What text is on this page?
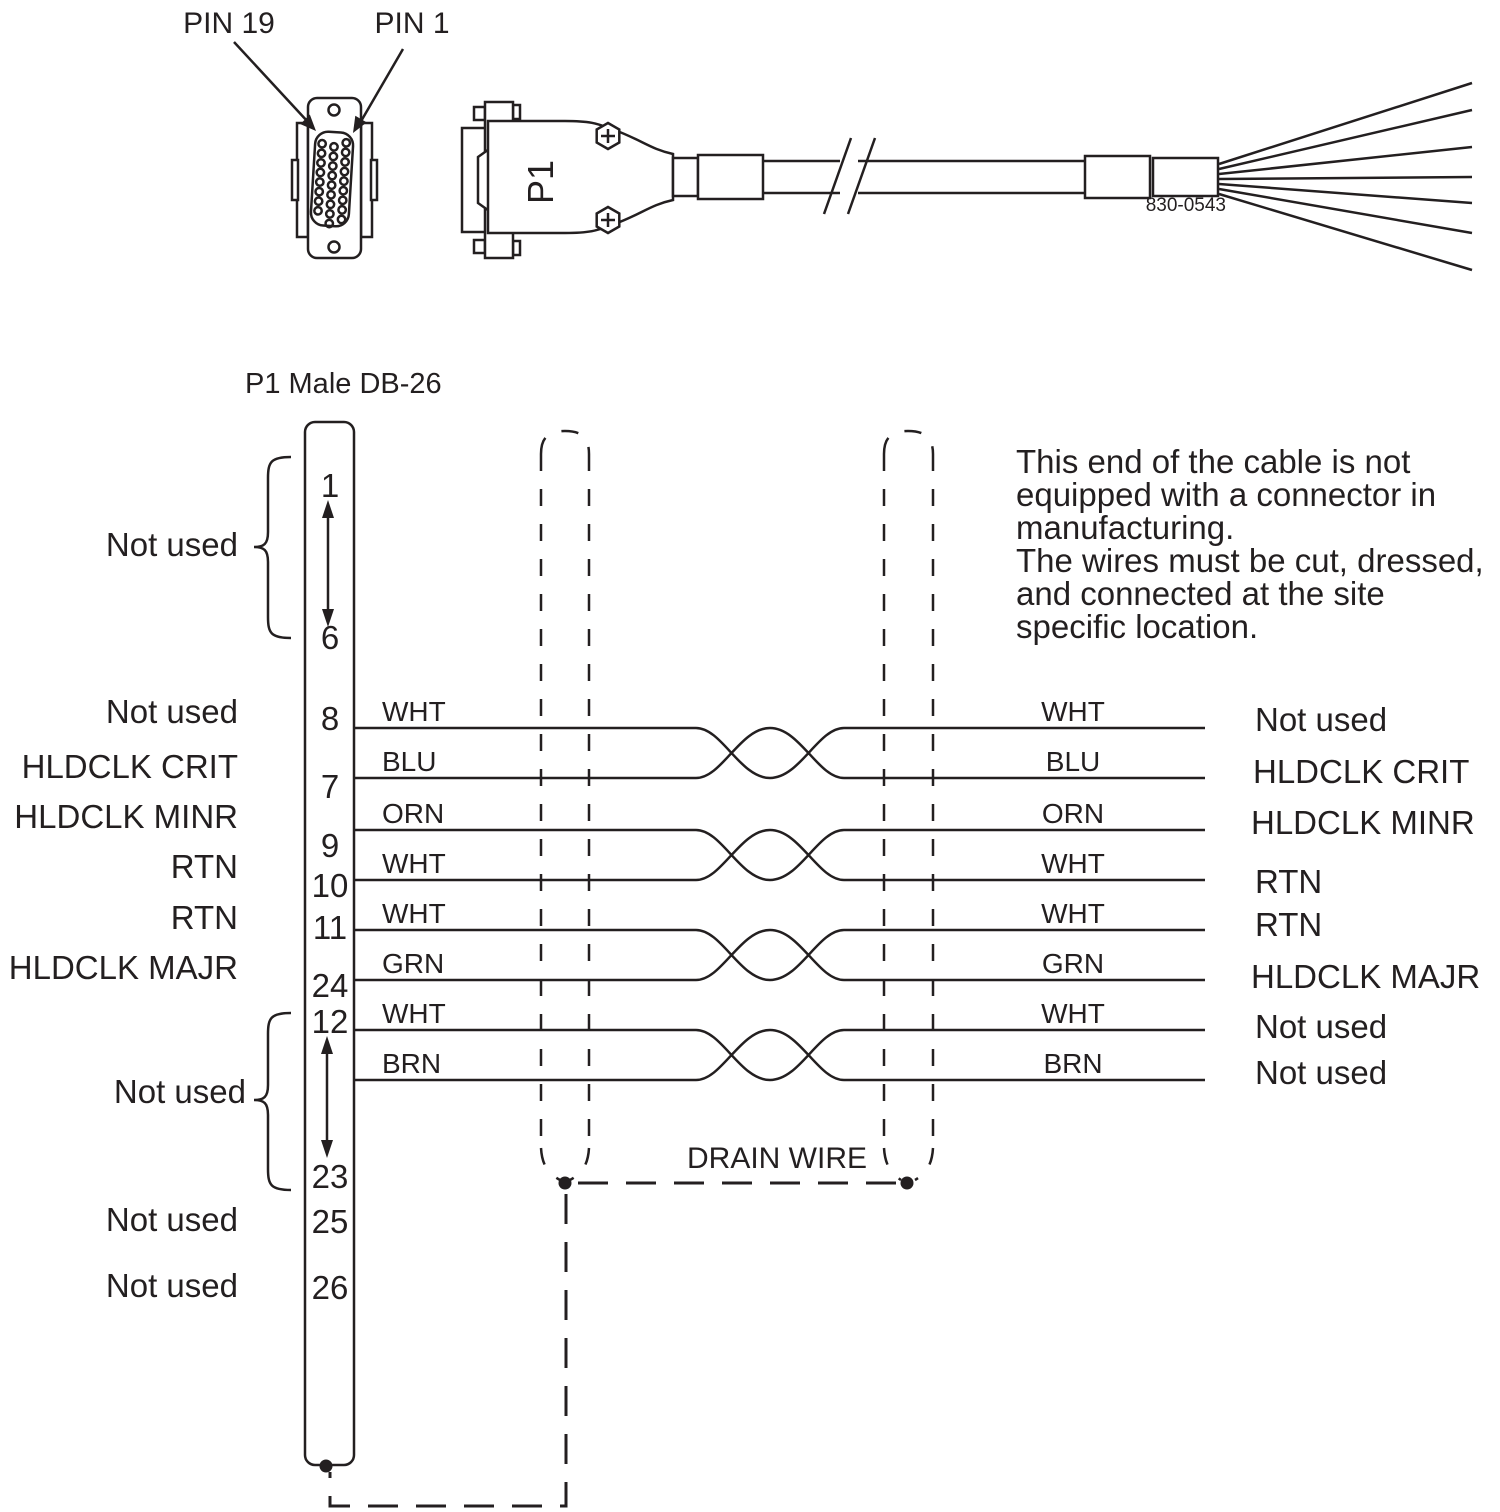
PIN 19	PIN 1
P1
830-0543
P1 Male DB-26
DRAIN WIRE
1
6
8
7
9
10
11
24
12
23
25
26
Not used
Not used
HLDCLK CRIT
HLDCLK MINR
RTN
RTN
HLDCLK MAJR
Not used
Not used
Not used
WHT
BLU
ORN
WHT
WHT
GRN
WHT
BRN
WHT
BLU
ORN
WHT
WHT
GRN
WHT
BRN
Not used
HLDCLK CRIT
HLDCLK MINR
RTN
RTN
HLDCLK MAJR
Not used
Not used
This end of the cable is not
equipped with a connector in
manufacturing.
The wires must be cut, dressed,
and connected at the site
specific location.
